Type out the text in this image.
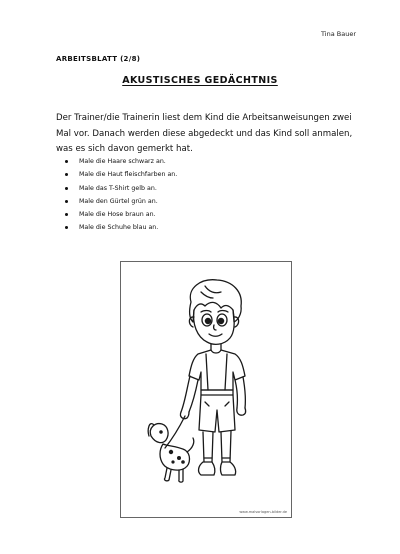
Tina Bauer
ARBEITSBLATT (2/8)
AKUSTISCHES GEDÄCHTNIS

Der Trainer/die Trainerin liest dem Kind die Arbeitsanweisungen zwei Mal vor. Danach werden diese abgedeckt und das Kind soll anmalen, was es sich davon gemerkt hat.

Male die Haare schwarz an.
Male die Haut fleischfarben an.
Male das T-Shirt gelb an.
Male den Gürtel grün an.
Male die Hose braun an.
Male die Schuhe blau an.
www.malvorlagen-bilder.de
